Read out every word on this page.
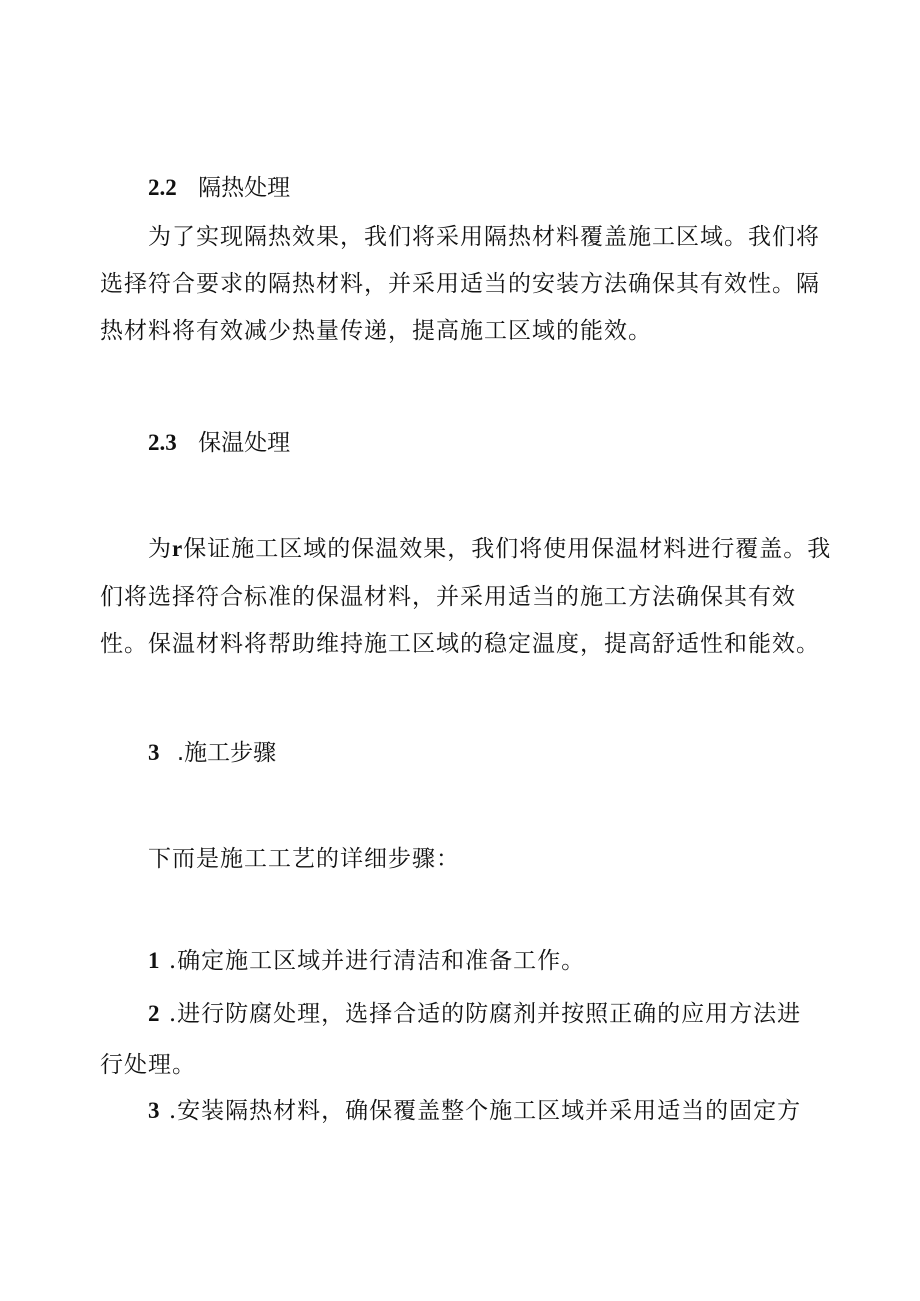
2.2 隔热处理
为了实现隔热效果，我们将采用隔热材料覆盖施工区域。我们将
选择符合要求的隔热材料，并采用适当的安装方法确保其有效性。隔
热材料将有效减少热量传递，提高施工区域的能效。
2.3 保温处理
为r保证施工区域的保温效果，我们将使用保温材料进行覆盖。我
们将选择符合标准的保温材料，并采用适当的施工方法确保其有效
性。保温材料将帮助维持施工区域的稳定温度，提高舒适性和能效。
3 .施工步骤
下而是施工工艺的详细步骤：
1 .确定施工区域并进行清洁和准备工作。
2 .进行防腐处理，选择合适的防腐剂并按照正确的应用方法进
行处理。
3 .安装隔热材料，确保覆盖整个施工区域并采用适当的固定方
